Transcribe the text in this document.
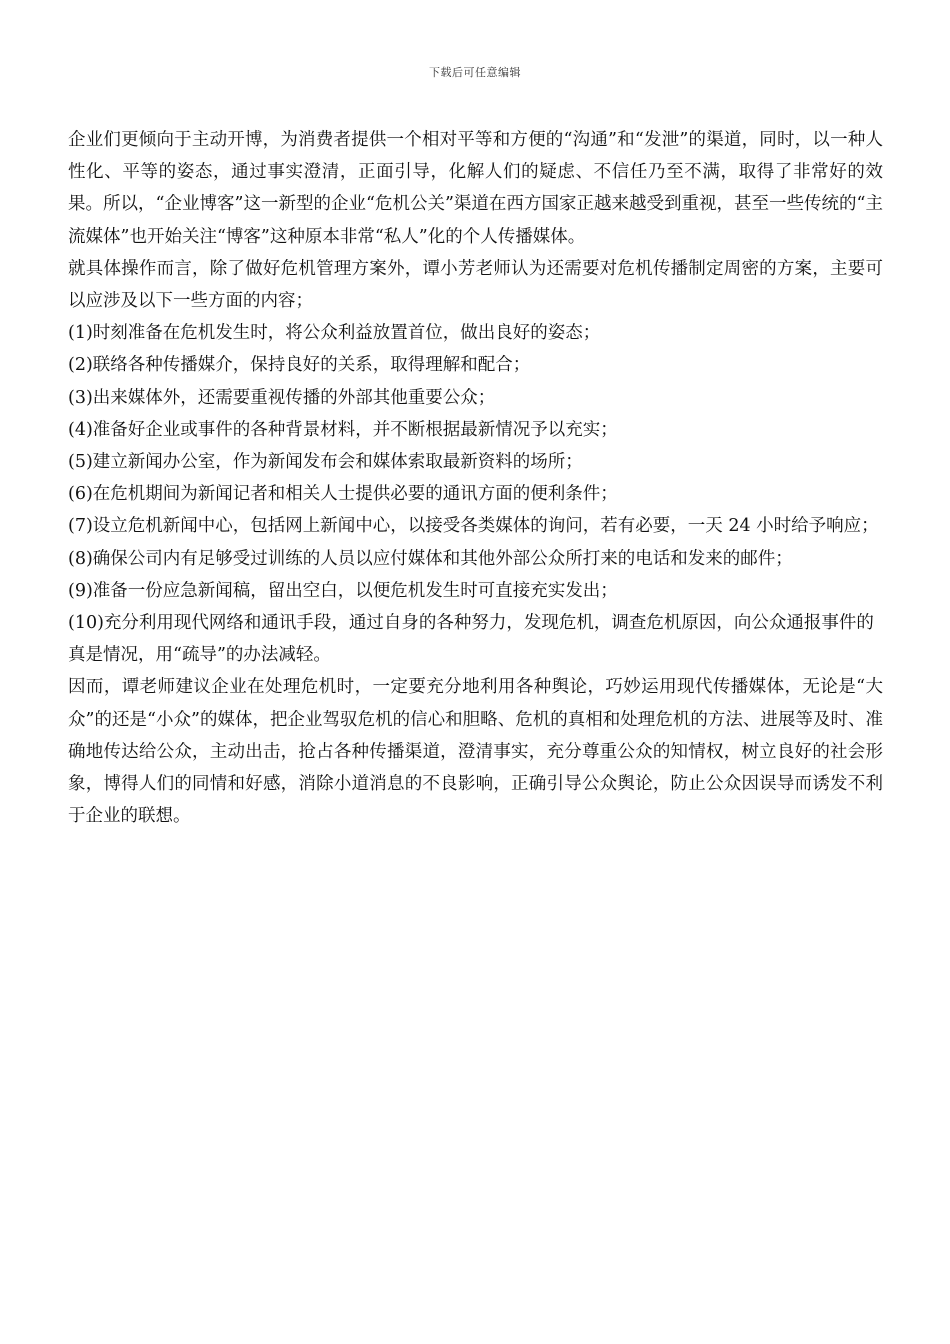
下载后可任意编辑

企业们更倾向于主动开博，为消费者提供一个相对平等和方便的“沟通”和“发泄”的渠道，同时，以一种人性化、平等的姿态，通过事实澄清，正面引导，化解人们的疑虑、不信任乃至不满，取得了非常好的效果。所以，“企业博客”这一新型的企业“危机公关”渠道在西方国家正越来越受到重视，甚至一些传统的“主流媒体”也开始关注“博客”这种原本非常“私人”化的个人传播媒体。

就具体操作而言，除了做好危机管理方案外，谭小芳老师认为还需要对危机传播制定周密的方案，主要可以应涉及以下一些方面的内容；

(1)时刻准备在危机发生时，将公众利益放置首位，做出良好的姿态；
(2)联络各种传播媒介，保持良好的关系，取得理解和配合；
(3)出来媒体外，还需要重视传播的外部其他重要公众；
(4)准备好企业或事件的各种背景材料，并不断根据最新情况予以充实；
(5)建立新闻办公室，作为新闻发布会和媒体索取最新资料的场所；
(6)在危机期间为新闻记者和相关人士提供必要的通讯方面的便利条件；
(7)设立危机新闻中心，包括网上新闻中心，以接受各类媒体的询问，若有必要，一天 24 小时给予响应；
(8)确保公司内有足够受过训练的人员以应付媒体和其他外部公众所打来的电话和发来的邮件；
(9)准备一份应急新闻稿，留出空白，以便危机发生时可直接充实发出；
(10)充分利用现代网络和通讯手段，通过自身的各种努力，发现危机，调查危机原因，向公众通报事件的真是情况，用“疏导”的办法减轻。

因而，谭老师建议企业在处理危机时，一定要充分地利用各种舆论，巧妙运用现代传播媒体，无论是“大众”的还是“小众”的媒体，把企业驾驭危机的信心和胆略、危机的真相和处理危机的方法、进展等及时、准确地传达给公众，主动出击，抢占各种传播渠道，澄清事实，充分尊重公众的知情权，树立良好的社会形象，博得人们的同情和好感，消除小道消息的不良影响，正确引导公众舆论，防止公众因误导而诱发不利于企业的联想。
